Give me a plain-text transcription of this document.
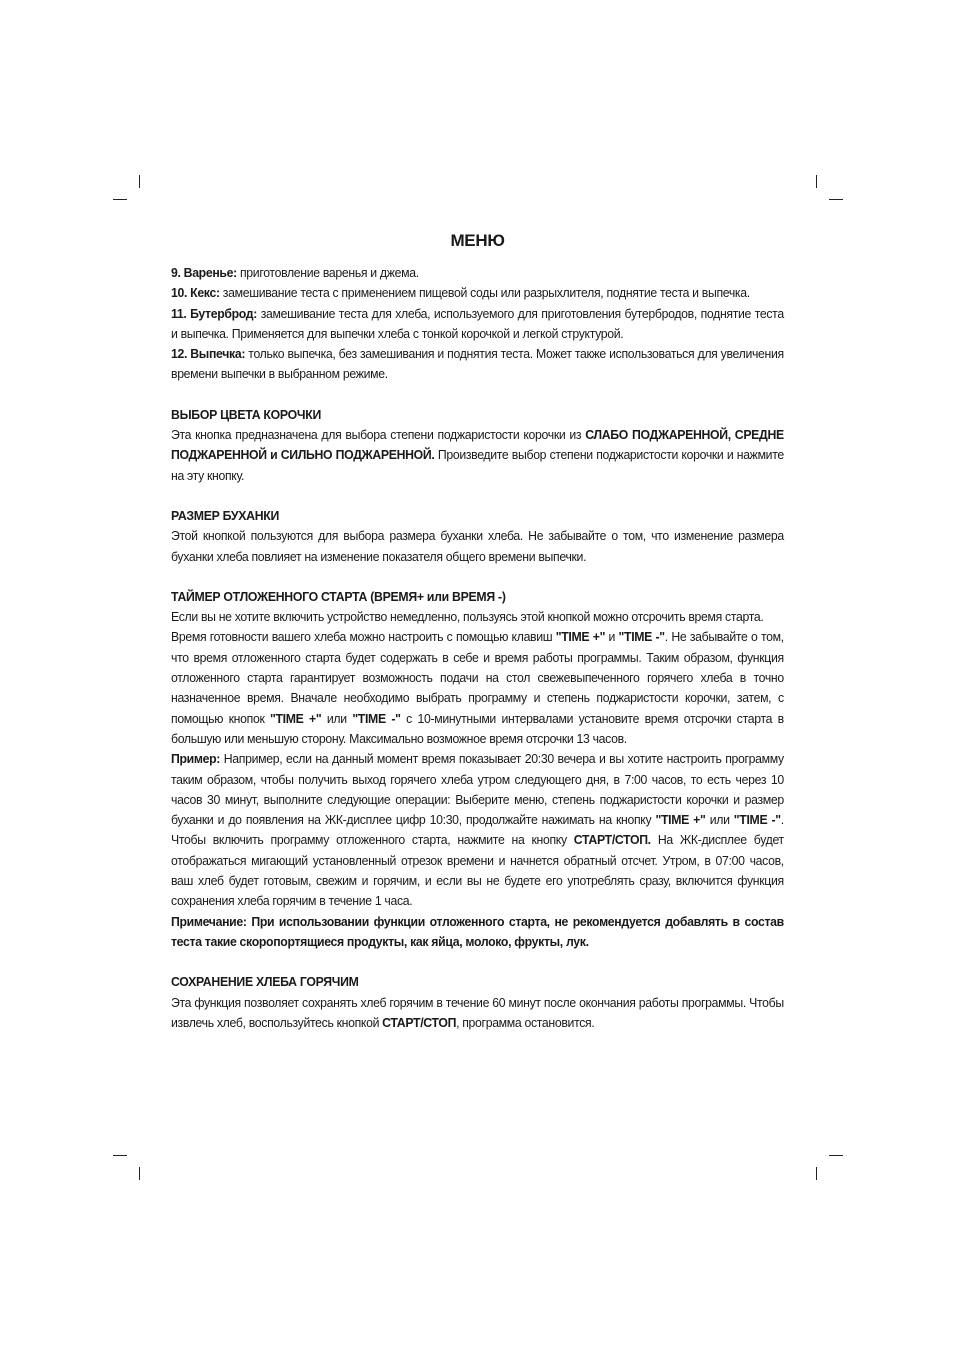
МЕНЮ

9. Варенье: приготовление варенья и джема.

10. Кекс: замешивание теста с применением пищевой соды или разрыхлителя, поднятие теста и выпечка.

11. Бутерброд: замешивание теста для хлеба, используемого для приготовления бутербродов, поднятие теста и выпечка. Применяется для выпечки хлеба с тонкой корочкой и легкой структурой.

12. Выпечка: только выпечка, без замешивания и поднятия теста. Может также использоваться для увеличения времени выпечки в выбранном режиме.

ВЫБОР ЦВЕТА КОРОЧКИ

Эта кнопка предназначена для выбора степени поджаристости корочки из СЛАБО ПОДЖАРЕННОЙ, СРЕДНЕ ПОДЖАРЕННОЙ и СИЛЬНО ПОДЖАРЕННОЙ. Произведите выбор степени поджаристости корочки и нажмите на эту кнопку.

РАЗМЕР БУХАНКИ

Этой кнопкой пользуются для выбора размера буханки хлеба. Не забывайте о том, что изменение размера буханки хлеба повлияет на изменение показателя общего времени выпечки.

ТАЙМЕР ОТЛОЖЕННОГО СТАРТА (ВРЕМЯ+ или ВРЕМЯ -)

Если вы не хотите включить устройство немедленно, пользуясь этой кнопкой можно отсрочить время старта.

Время готовности вашего хлеба можно настроить с помощью клавиш "TIME +" и "TIME -". Не забывайте о том, что время отложенного старта будет содержать в себе и время работы программы. Таким образом, функция отложенного старта гарантирует возможность подачи на стол свежевыпеченного горячего хлеба в точно назначенное время. Вначале необходимо выбрать программу и степень поджаристости корочки, затем, с помощью кнопок "TIME +" или "TIME -" с 10-минутными интервалами установите время отсрочки старта в большую или меньшую сторону. Максимально возможное время отсрочки 13 часов.

Пример: Например, если на данный момент время показывает 20:30 вечера и вы хотите настроить программу таким образом, чтобы получить выход горячего хлеба утром следующего дня, в 7:00 часов, то есть через 10 часов 30 минут, выполните следующие операции: Выберите меню, степень поджаристости корочки и размер буханки и до появления на ЖК-дисплее цифр 10:30, продолжайте нажимать на кнопку "TIME +" или "TIME -". Чтобы включить программу отложенного старта, нажмите на кнопку СТАРТ/СТОП. На ЖК-дисплее будет отображаться мигающий установленный отрезок времени и начнется обратный отсчет. Утром, в 07:00 часов, ваш хлеб будет готовым, свежим и горячим, и если вы не будете его употреблять сразу, включится функция сохранения хлеба горячим в течение 1 часа.

Примечание: При использовании функции отложенного старта, не рекомендуется добавлять в состав теста такие скоропортящиеся продукты, как яйца, молоко, фрукты, лук.

СОХРАНЕНИЕ ХЛЕБА ГОРЯЧИМ

Эта функция позволяет сохранять хлеб горячим в течение 60 минут после окончания работы программы. Чтобы извлечь хлеб, воспользуйтесь кнопкой СТАРТ/СТОП, программа остановится.
